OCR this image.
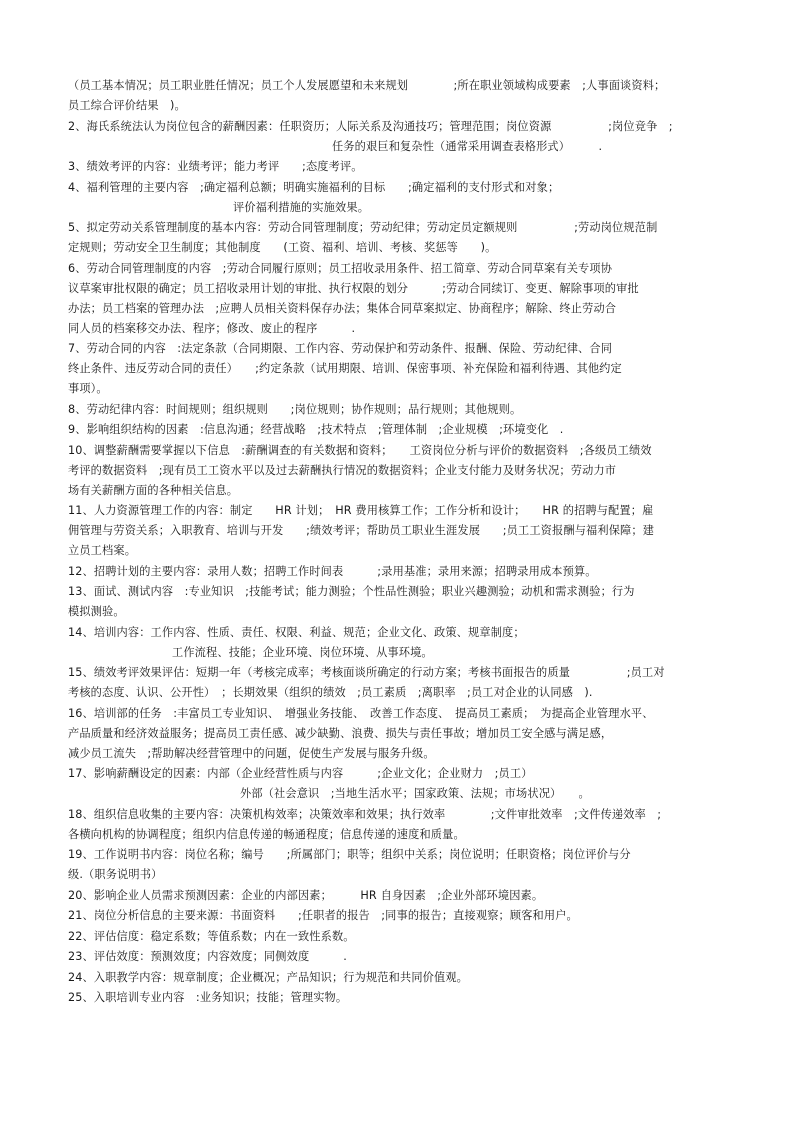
（员工基本情况；员工职业胜任情况；员工个人发展愿望和未来规划　　　　;所在职业领域构成要素　;人事面谈资料；
员工综合评价结果　)。

2、海氏系统法认为岗位包含的薪酬因素：任职资历；人际关系及沟通技巧；管理范围；岗位资源　　　　　;岗位竞争　;
任务的艰巨和复杂性（通常采用调查表格形式）　　　.

3、绩效考评的内容：业绩考评；能力考评　　;态度考评。

4、福利管理的主要内容　;确定福利总额；明确实施福利的目标　　;确定福利的支付形式和对象；
评价福利措施的实施效果。

5、拟定劳动关系管理制度的基本内容：劳动合同管理制度；劳动纪律；劳动定员定额规则　　　　　;劳动岗位规范制
定规则；劳动安全卫生制度；其他制度　　(工资、福利、培训、考核、奖惩等　　)。

6、劳动合同管理制度的内容　;劳动合同履行原则；员工招收录用条件、招工简章、劳动合同草案有关专项协
议草案审批权限的确定；员工招收录用计划的审批、执行权限的划分　　　;劳动合同续订、变更、解除事项的审批
办法；员工档案的管理办法　;应聘人员相关资料保存办法；集体合同草案拟定、协商程序；解除、终止劳动合
同人员的档案移交办法、程序；修改、废止的程序　　　.

7、劳动合同的内容　:法定条款（合同期限、工作内容、劳动保护和劳动条件、报酬、保险、劳动纪律、合同
终止条件、违反劳动合同的责任）　　;约定条款（试用期限、培训、保密事项、补充保险和福利待遇、其他约定
事项）。

8、劳动纪律内容：时间规则；组织规则　　;岗位规则；协作规则；品行规则；其他规则。

9、影响组织结构的因素　:信息沟通；经营战略　;技术特点　;管理体制　;企业规模　;环境变化　.

10、调整薪酬需要掌握以下信息　:薪酬调查的有关数据和资料；　　工资岗位分析与评价的数据资料　;各级员工绩效
考评的数据资料　;现有员工工资水平以及过去薪酬执行情况的数据资料；企业支付能力及财务状况；劳动力市
场有关薪酬方面的各种相关信息。

11、人力资源管理工作的内容：制定　　HR 计划；　HR 费用核算工作；工作分析和设计；　　HR 的招聘与配置；雇
佣管理与劳资关系；入职教育、培训与开发　　;绩效考评；帮助员工职业生涯发展　　;员工工资报酬与福利保障；建
立员工档案。

12、招聘计划的主要内容：录用人数；招聘工作时间表　　　;录用基准；录用来源；招聘录用成本预算。

13、面试、测试内容　:专业知识　;技能考试；能力测验；个性品性测验；职业兴趣测验；动机和需求测验；行为
模拟测验。

14、培训内容：工作内容、性质、责任、权限、利益、规范；企业文化、政策、规章制度；
工作流程、技能；企业环境、岗位环境、从事环境。

15、绩效考评效果评估：短期一年（考核完成率；考核面谈所确定的行动方案；考核书面报告的质量　　　　　;员工对
考核的态度、认识、公开性）　；长期效果（组织的绩效　;员工素质　;离职率　;员工对企业的认同感　).

16、培训部的任务　:丰富员工专业知识、　增强业务技能、　改善工作态度、　提高员工素质；　为提高企业管理水平、
产品质量和经济效益服务；提高员工责任感、减少缺勤、浪费、损失与责任事故；增加员工安全感与满足感，
减少员工流失　;帮助解决经营管理中的问题，促使生产发展与服务升级。

17、影响薪酬设定的因素：内部（企业经营性质与内容　　　;企业文化；企业财力　;员工）
外部（社会意识　;当地生活水平；国家政策、法规；市场状况）　　。

18、组织信息收集的主要内容：决策机构效率；决策效率和效果；执行效率　　　　;文件审批效率　;文件传递效率　;
各横向机构的协调程度；组织内信息传递的畅通程度；信息传递的速度和质量。

19、工作说明书内容：岗位名称；编号　　;所属部门；职等；组织中关系；岗位说明；任职资格；岗位评价与分
级.（职务说明书）

20、影响企业人员需求预测因素：企业的内部因素；　　　HR 自身因素　;企业外部环境因素。

21、岗位分析信息的主要来源：书面资料　　;任职者的报告　;同事的报告；直接观察；顾客和用户。

22、评估信度：稳定系数；等值系数；内在一致性系数。

23、评估效度：预测效度；内容效度；同侧效度　　　.

24、入职教学内容：规章制度；企业概况；产品知识；行为规范和共同价值观。

25、入职培训专业内容　:业务知识；技能；管理实物。
